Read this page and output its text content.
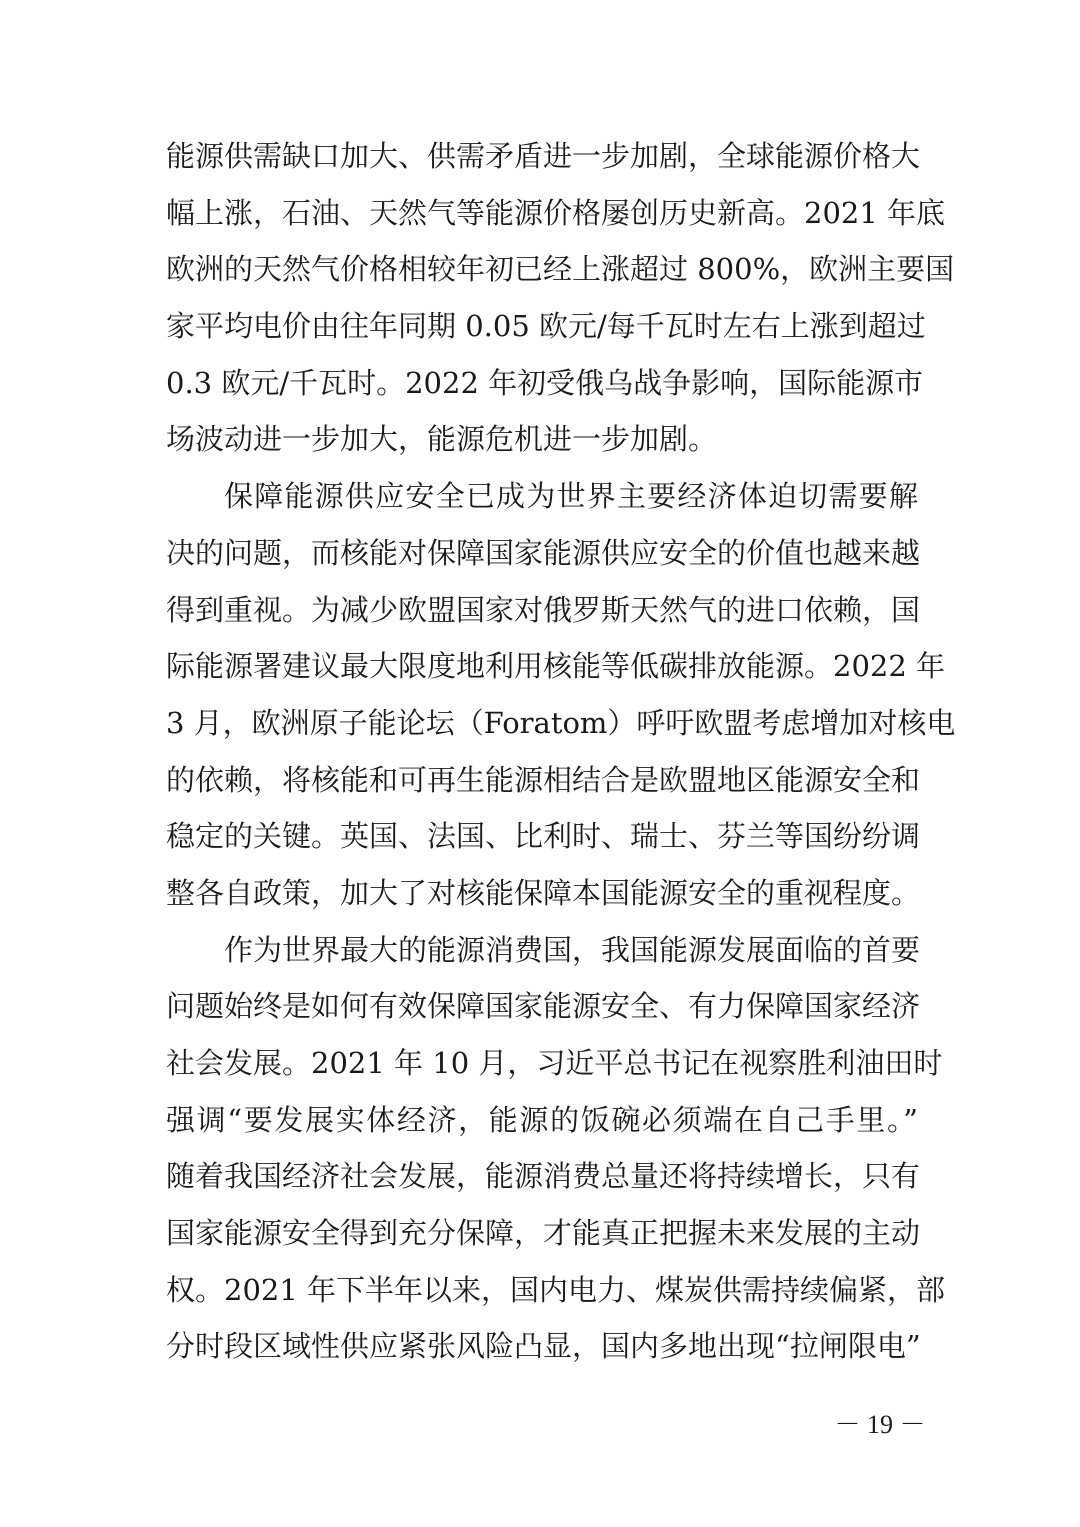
能源供需缺口加大、供需矛盾进一步加剧，全球能源价格大
幅上涨，石油、天然气等能源价格屡创历史新高。2021 年底
欧洲的天然气价格相较年初已经上涨超过 800%，欧洲主要国
家平均电价由往年同期 0.05 欧元/每千瓦时左右上涨到超过
0.3 欧元/千瓦时。2022 年初受俄乌战争影响，国际能源市
场波动进一步加大，能源危机进一步加剧。
保障能源供应安全已成为世界主要经济体迫切需要解
决的问题，而核能对保障国家能源供应安全的价值也越来越
得到重视。为减少欧盟国家对俄罗斯天然气的进口依赖，国
际能源署建议最大限度地利用核能等低碳排放能源。2022 年
3 月，欧洲原子能论坛（Foratom）呼吁欧盟考虑增加对核电
的依赖，将核能和可再生能源相结合是欧盟地区能源安全和
稳定的关键。英国、法国、比利时、瑞士、芬兰等国纷纷调
整各自政策，加大了对核能保障本国能源安全的重视程度。
作为世界最大的能源消费国，我国能源发展面临的首要
问题始终是如何有效保障国家能源安全、有力保障国家经济
社会发展。2021 年 10 月，习近平总书记在视察胜利油田时
强调“要发展实体经济，能源的饭碗必须端在自己手里。”
随着我国经济社会发展，能源消费总量还将持续增长，只有
国家能源安全得到充分保障，才能真正把握未来发展的主动
权。2021 年下半年以来，国内电力、煤炭供需持续偏紧，部
分时段区域性供应紧张风险凸显，国内多地出现“拉闸限电”
－ 19 －
